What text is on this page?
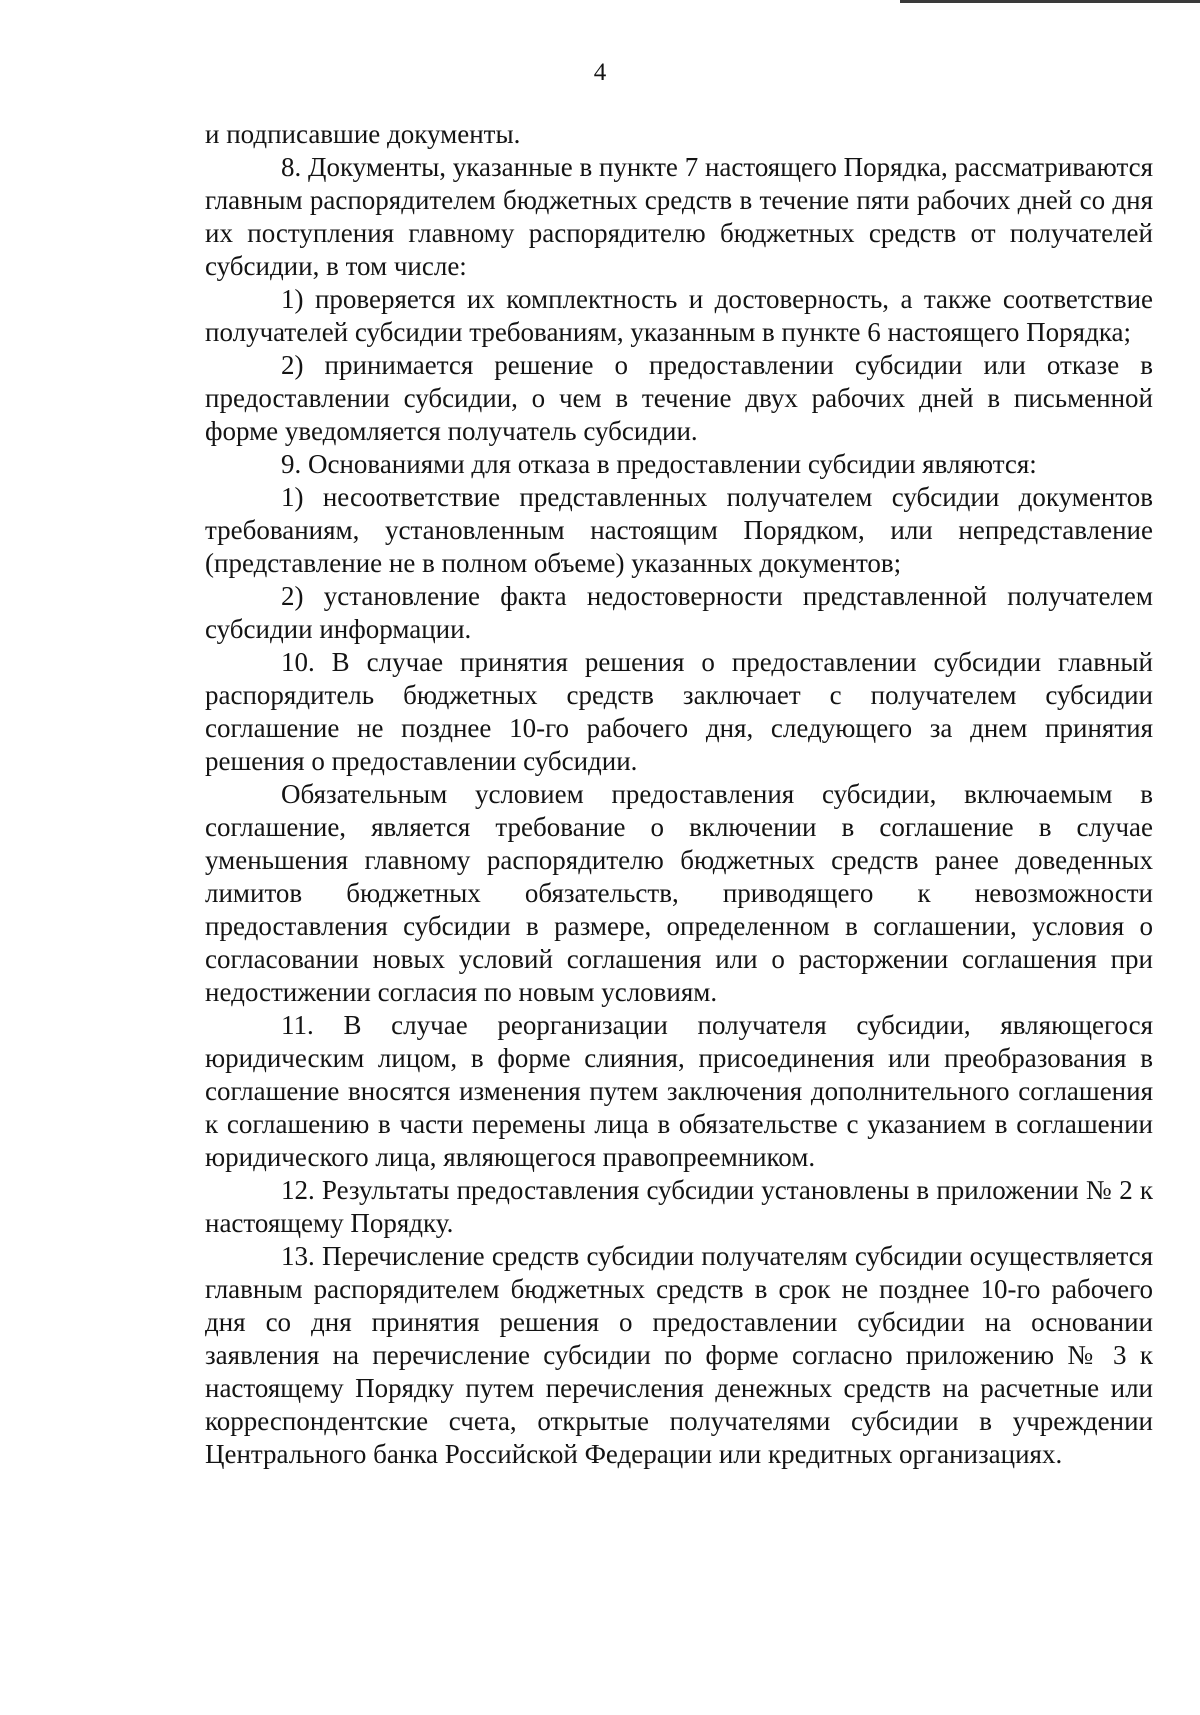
4

и подписавшие документы.

8. Документы, указанные в пункте 7 настоящего Порядка, рассматриваются главным распорядителем бюджетных средств в течение пяти рабочих дней со дня их поступления главному распорядителю бюджетных средств от получателей субсидии, в том числе:

1) проверяется их комплектность и достоверность, а также соответствие получателей субсидии требованиям, указанным в пункте 6 настоящего Порядка;

2) принимается решение о предоставлении субсидии или отказе в предоставлении субсидии, о чем в течение двух рабочих дней в письменной форме уведомляется получатель субсидии.

9. Основаниями для отказа в предоставлении субсидии являются:

1) несоответствие представленных получателем субсидии документов требованиям, установленным настоящим Порядком, или непредставление (представление не в полном объеме) указанных документов;

2) установление факта недостоверности представленной получателем субсидии информации.

10. В случае принятия решения о предоставлении субсидии главный распорядитель бюджетных средств заключает с получателем субсидии соглашение не позднее 10-го рабочего дня, следующего за днем принятия решения о предоставлении субсидии.

Обязательным условием предоставления субсидии, включаемым в соглашение, является требование о включении в соглашение в случае уменьшения главному распорядителю бюджетных средств ранее доведенных лимитов бюджетных обязательств, приводящего к невозможности предоставления субсидии в размере, определенном в соглашении, условия о согласовании новых условий соглашения или о расторжении соглашения при недостижении согласия по новым условиям.

11. В случае реорганизации получателя субсидии, являющегося юридическим лицом, в форме слияния, присоединения или преобразования в соглашение вносятся изменения путем заключения дополнительного соглашения к соглашению в части перемены лица в обязательстве с указанием в соглашении юридического лица, являющегося правопреемником.

12. Результаты предоставления субсидии установлены в приложении № 2 к настоящему Порядку.

13. Перечисление средств субсидии получателям субсидии осуществляется главным распорядителем бюджетных средств в срок не позднее 10-го рабочего дня со дня принятия решения о предоставлении субсидии на основании заявления на перечисление субсидии по форме согласно приложению № 3 к настоящему Порядку путем перечисления денежных средств на расчетные или корреспондентские счета, открытые получателями субсидии в учреждении Центрального банка Российской Федерации или кредитных организациях.
